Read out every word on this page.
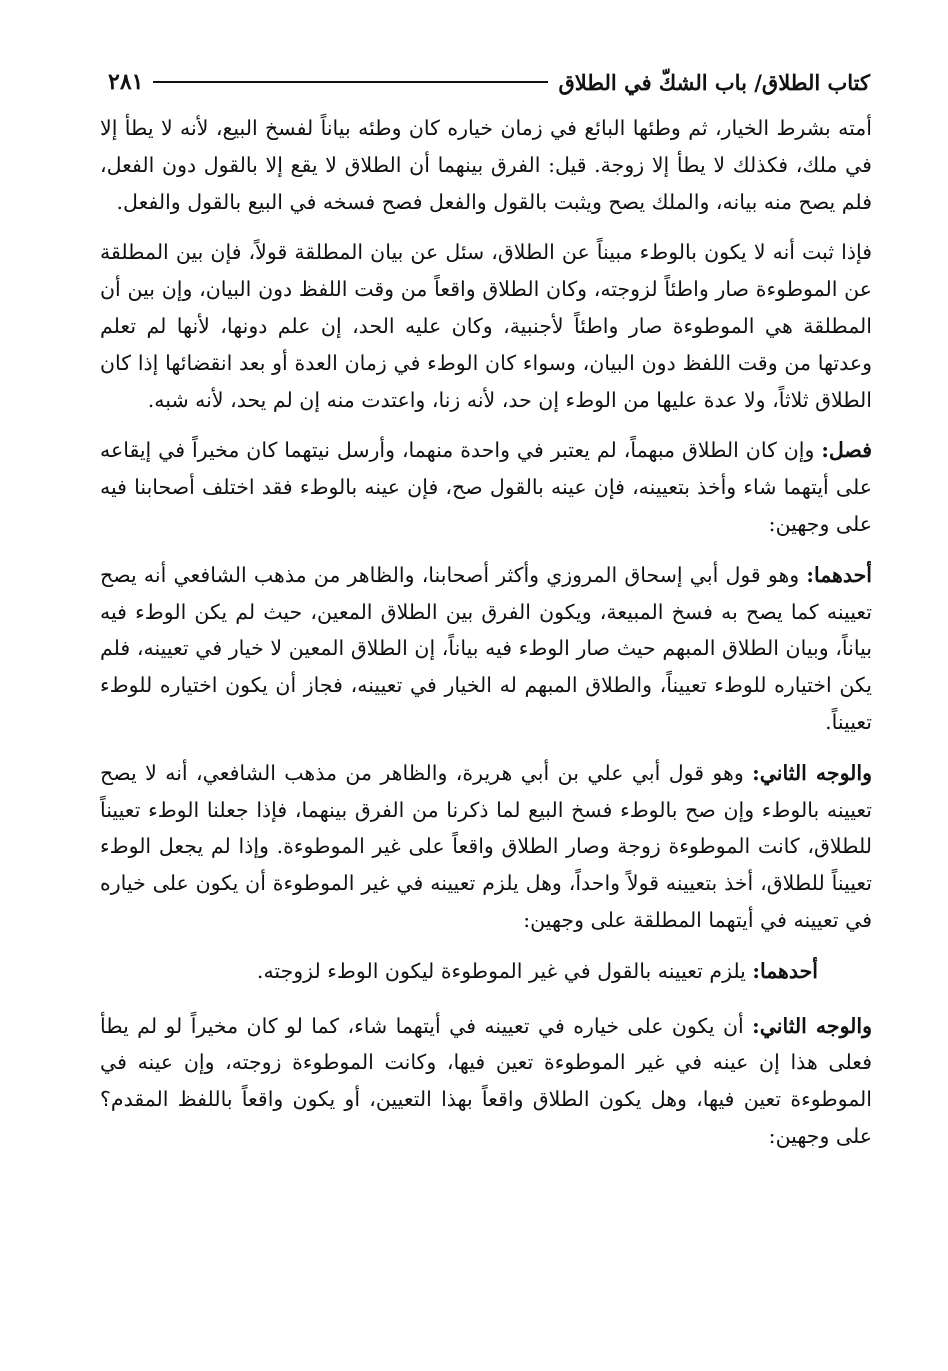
كتاب الطلاق/ باب الشكّ في الطلاق
٢٨١

أمته بشرط الخيار، ثم وطئها البائع في زمان خياره كان وطئه بياناً لفسخ البيع، لأنه لا يطأ إلا في ملك، فكذلك لا يطأ إلا زوجة. قيل: الفرق بينهما أن الطلاق لا يقع إلا بالقول دون الفعل، فلم يصح منه بيانه، والملك يصح ويثبت بالقول والفعل فصح فسخه في البيع بالقول والفعل.

فإذا ثبت أنه لا يكون بالوطء مبيناً عن الطلاق، سئل عن بيان المطلقة قولاً، فإن بين المطلقة عن الموطوءة صار واطئاً لزوجته، وكان الطلاق واقعاً من وقت اللفظ دون البيان، وإن بين أن المطلقة هي الموطوءة صار واطئاً لأجنبية، وكان عليه الحد، إن علم دونها، لأنها لم تعلم وعدتها من وقت اللفظ دون البيان، وسواء كان الوطء في زمان العدة أو بعد انقضائها إذا كان الطلاق ثلاثاً، ولا عدة عليها من الوطء إن حد، لأنه زنا، واعتدت منه إن لم يحد، لأنه شبه.

فصل: وإن كان الطلاق مبهماً، لم يعتبر في واحدة منهما، وأرسل نيتهما كان مخيراً في إيقاعه على أيتهما شاء وأخذ بتعيينه، فإن عينه بالقول صح، فإن عينه بالوطء فقد اختلف أصحابنا فيه على وجهين:

أحدهما: وهو قول أبي إسحاق المروزي وأكثر أصحابنا، والظاهر من مذهب الشافعي أنه يصح تعيينه كما يصح به فسخ المبيعة، ويكون الفرق بين الطلاق المعين، حيث لم يكن الوطء فيه بياناً، وبيان الطلاق المبهم حيث صار الوطء فيه بياناً، إن الطلاق المعين لا خيار في تعيينه، فلم يكن اختياره للوطء تعييناً، والطلاق المبهم له الخيار في تعيينه، فجاز أن يكون اختياره للوطء تعييناً.

والوجه الثاني: وهو قول أبي علي بن أبي هريرة، والظاهر من مذهب الشافعي، أنه لا يصح تعيينه بالوطء وإن صح بالوطء فسخ البيع لما ذكرنا من الفرق بينهما، فإذا جعلنا الوطء تعييناً للطلاق، كانت الموطوءة زوجة وصار الطلاق واقعاً على غير الموطوءة. وإذا لم يجعل الوطء تعييناً للطلاق، أخذ بتعيينه قولاً واحداً، وهل يلزم تعيينه في غير الموطوءة أن يكون على خياره في تعيينه في أيتهما المطلقة على وجهين:

أحدهما: يلزم تعيينه بالقول في غير الموطوءة ليكون الوطء لزوجته.

والوجه الثاني: أن يكون على خياره في تعيينه في أيتهما شاء، كما لو كان مخيراً لو لم يطأ فعلى هذا إن عينه في غير الموطوءة تعين فيها، وكانت الموطوءة زوجته، وإن عينه في الموطوءة تعين فيها، وهل يكون الطلاق واقعاً بهذا التعيين، أو يكون واقعاً باللفظ المقدم؟ على وجهين:
